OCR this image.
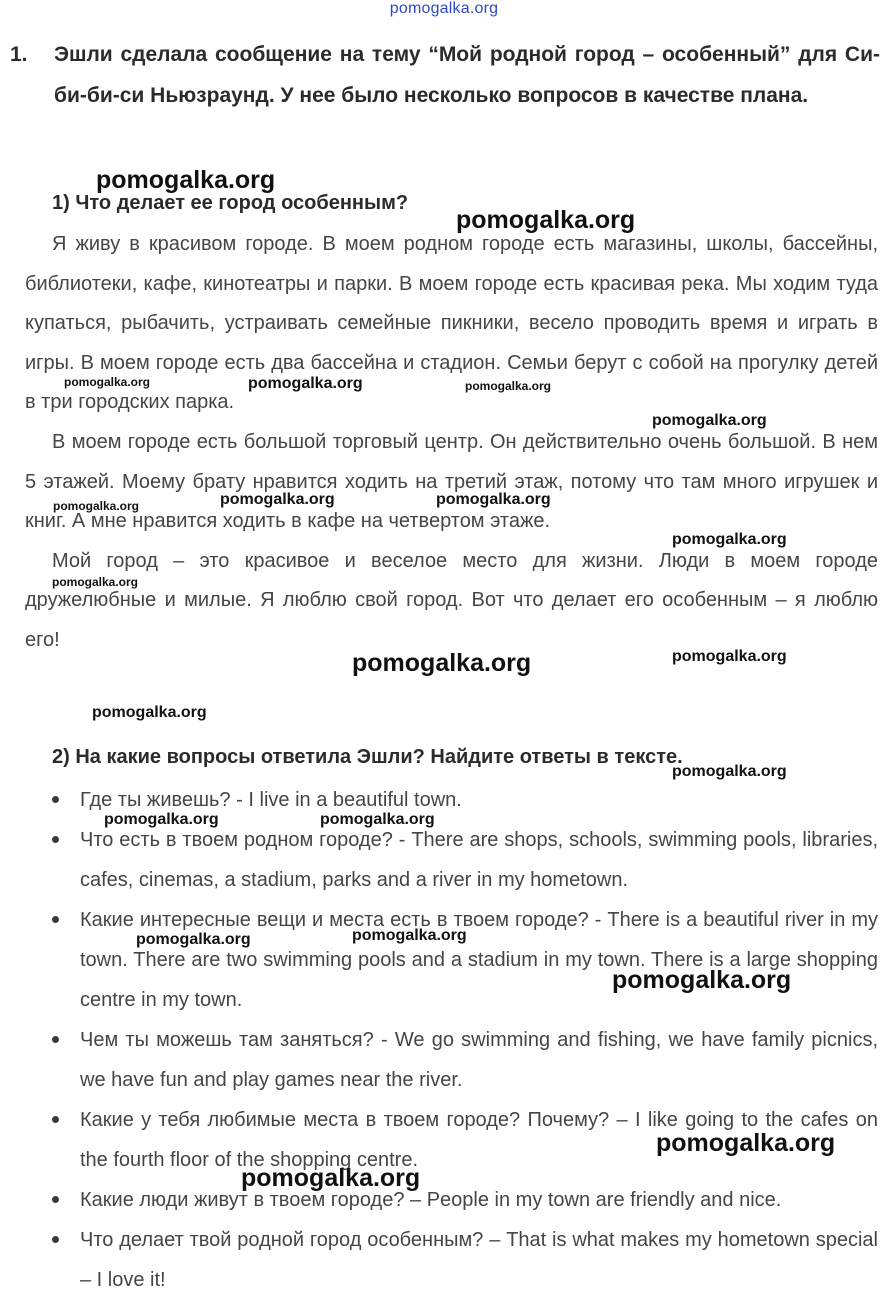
pomogalka.org
1. Эшли сделала сообщение на тему “Мой родной город – особенный” для Си-би-би-си Ньюзраунд. У нее было несколько вопросов в качестве плана.
1) Что делает ее город особенным?

Я живу в красивом городе. В моем родном городе есть магазины, школы, бассейны, библиотеки, кафе, кинотеатры и парки. В моем городе есть красивая река. Мы ходим туда купаться, рыбачить, устраивать семейные пикники, весело проводить время и играть в игры. В моем городе есть два бассейна и стадион. Семьи берут с собой на прогулку детей в три городских парка.

В моем городе есть большой торговый центр. Он действительно очень большой. В нем 5 этажей. Моему брату нравится ходить на третий этаж, потому что там много игрушек и книг. А мне нравится ходить в кафе на четвертом этаже.

Мой город – это красивое и веселое место для жизни. Люди в моем городе дружелюбные и милые. Я люблю свой город. Вот что делает его особенным – я люблю его!

2) На какие вопросы ответила Эшли? Найдите ответы в тексте.
Где ты живешь? - I live in a beautiful town.
Что есть в твоем родном городе? - There are shops, schools, swimming pools, libraries, cafes, cinemas, a stadium, parks and a river in my hometown.
Какие интересные вещи и места есть в твоем городе? - There is a beautiful river in my town. There are two swimming pools and a stadium in my town. There is a large shopping centre in my town.
Чем ты можешь там заняться? - We go swimming and fishing, we have family picnics, we have fun and play games near the river.
Какие у тебя любимые места в твоем городе? Почему? – I like going to the cafes on the fourth floor of the shopping centre.
Какие люди живут в твоем городе? – People in my town are friendly and nice.
Что делает твой родной город особенным? – That is what makes my hometown special – I love it!
pomogalka.org
pomogalka.org
pomogalka.org	pomogalka.org	pomogalka.org
pomogalka.org
pomogalka.org	pomogalka.org	pomogalka.org
pomogalka.org
pomogalka.org
pomogalka.org	pomogalka.org
pomogalka.org
pomogalka.org
pomogalka.org	pomogalka.org
pomogalka.org	pomogalka.org
pomogalka.org
pomogalka.org
pomogalka.org
